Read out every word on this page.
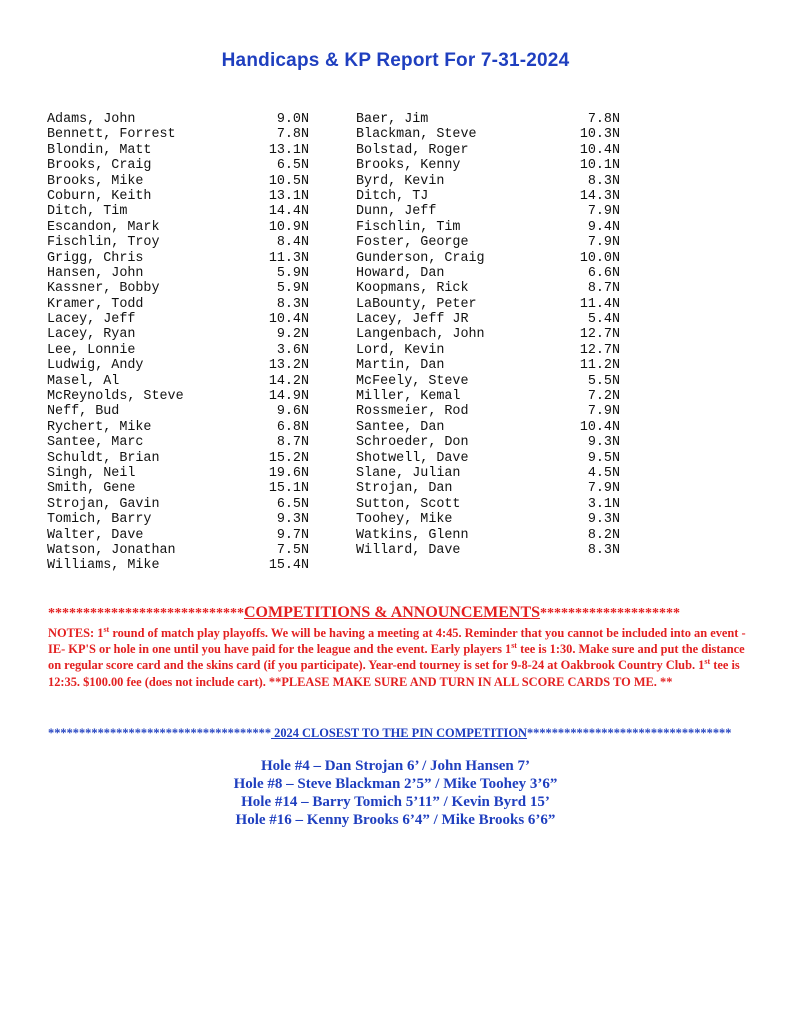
Handicaps & KP Report For 7-31-2024
Adams, John	9.0N
Bennett, Forrest	7.8N
Blondin, Matt	13.1N
Brooks, Craig	6.5N
Brooks, Mike	10.5N
Coburn, Keith	13.1N
Ditch, Tim	14.4N
Escandon, Mark	10.9N
Fischlin, Troy	8.4N
Grigg, Chris	11.3N
Hansen, John	5.9N
Kassner, Bobby	5.9N
Kramer, Todd	8.3N
Lacey, Jeff	10.4N
Lacey, Ryan	9.2N
Lee, Lonnie	3.6N
Ludwig, Andy	13.2N
Masel, Al	14.2N
McReynolds, Steve	14.9N
Neff, Bud	9.6N
Rychert, Mike	6.8N
Santee, Marc	8.7N
Schuldt, Brian	15.2N
Singh, Neil	19.6N
Smith, Gene	15.1N
Strojan, Gavin	6.5N
Tomich, Barry	9.3N
Walter, Dave	9.7N
Watson, Jonathan	7.5N
Williams, Mike	15.4N
Baer, Jim	7.8N
Blackman, Steve	10.3N
Bolstad, Roger	10.4N
Brooks, Kenny	10.1N
Byrd, Kevin	8.3N
Ditch, TJ	14.3N
Dunn, Jeff	7.9N
Fischlin, Tim	9.4N
Foster, George	7.9N
Gunderson, Craig	10.0N
Howard, Dan	6.6N
Koopmans, Rick	8.7N
LaBounty, Peter	11.4N
Lacey, Jeff JR	5.4N
Langenbach, John	12.7N
Lord, Kevin	12.7N
Martin, Dan	11.2N
McFeely, Steve	5.5N
Miller, Kemal	7.2N
Rossmeier, Rod	7.9N
Santee, Dan	10.4N
Schroeder, Don	9.3N
Shotwell, Dave	9.5N
Slane, Julian	4.5N
Strojan, Dan	7.9N
Sutton, Scott	3.1N
Toohey, Mike	9.3N
Watkins, Glenn	8.2N
Willard, Dave	8.3N
****************************COMPETITIONS & ANNOUNCEMENTS********************
NOTES: 1st round of match play playoffs. We will be having a meeting at 4:45. Reminder that you cannot be included into an event -IE- KP'S or hole in one until you have paid for the league and the event. Early players 1st tee is 1:30. Make sure and put the distance on regular score card and the skins card (if you participate). Year-end tourney is set for 9-8-24 at Oakbrook Country Club. 1st tee is 12:35. $100.00 fee (does not include cart). **PLEASE MAKE SURE AND TURN IN ALL SCORE CARDS TO ME. **
************************************ 2024 CLOSEST TO THE PIN COMPETITION*********************************
Hole #4 – Dan Strojan 6’ / John Hansen 7’
Hole #8 – Steve Blackman 2’5” / Mike Toohey 3’6”
Hole #14 – Barry Tomich 5’11” / Kevin Byrd 15’
Hole #16 – Kenny Brooks 6’4” / Mike Brooks 6’6”
